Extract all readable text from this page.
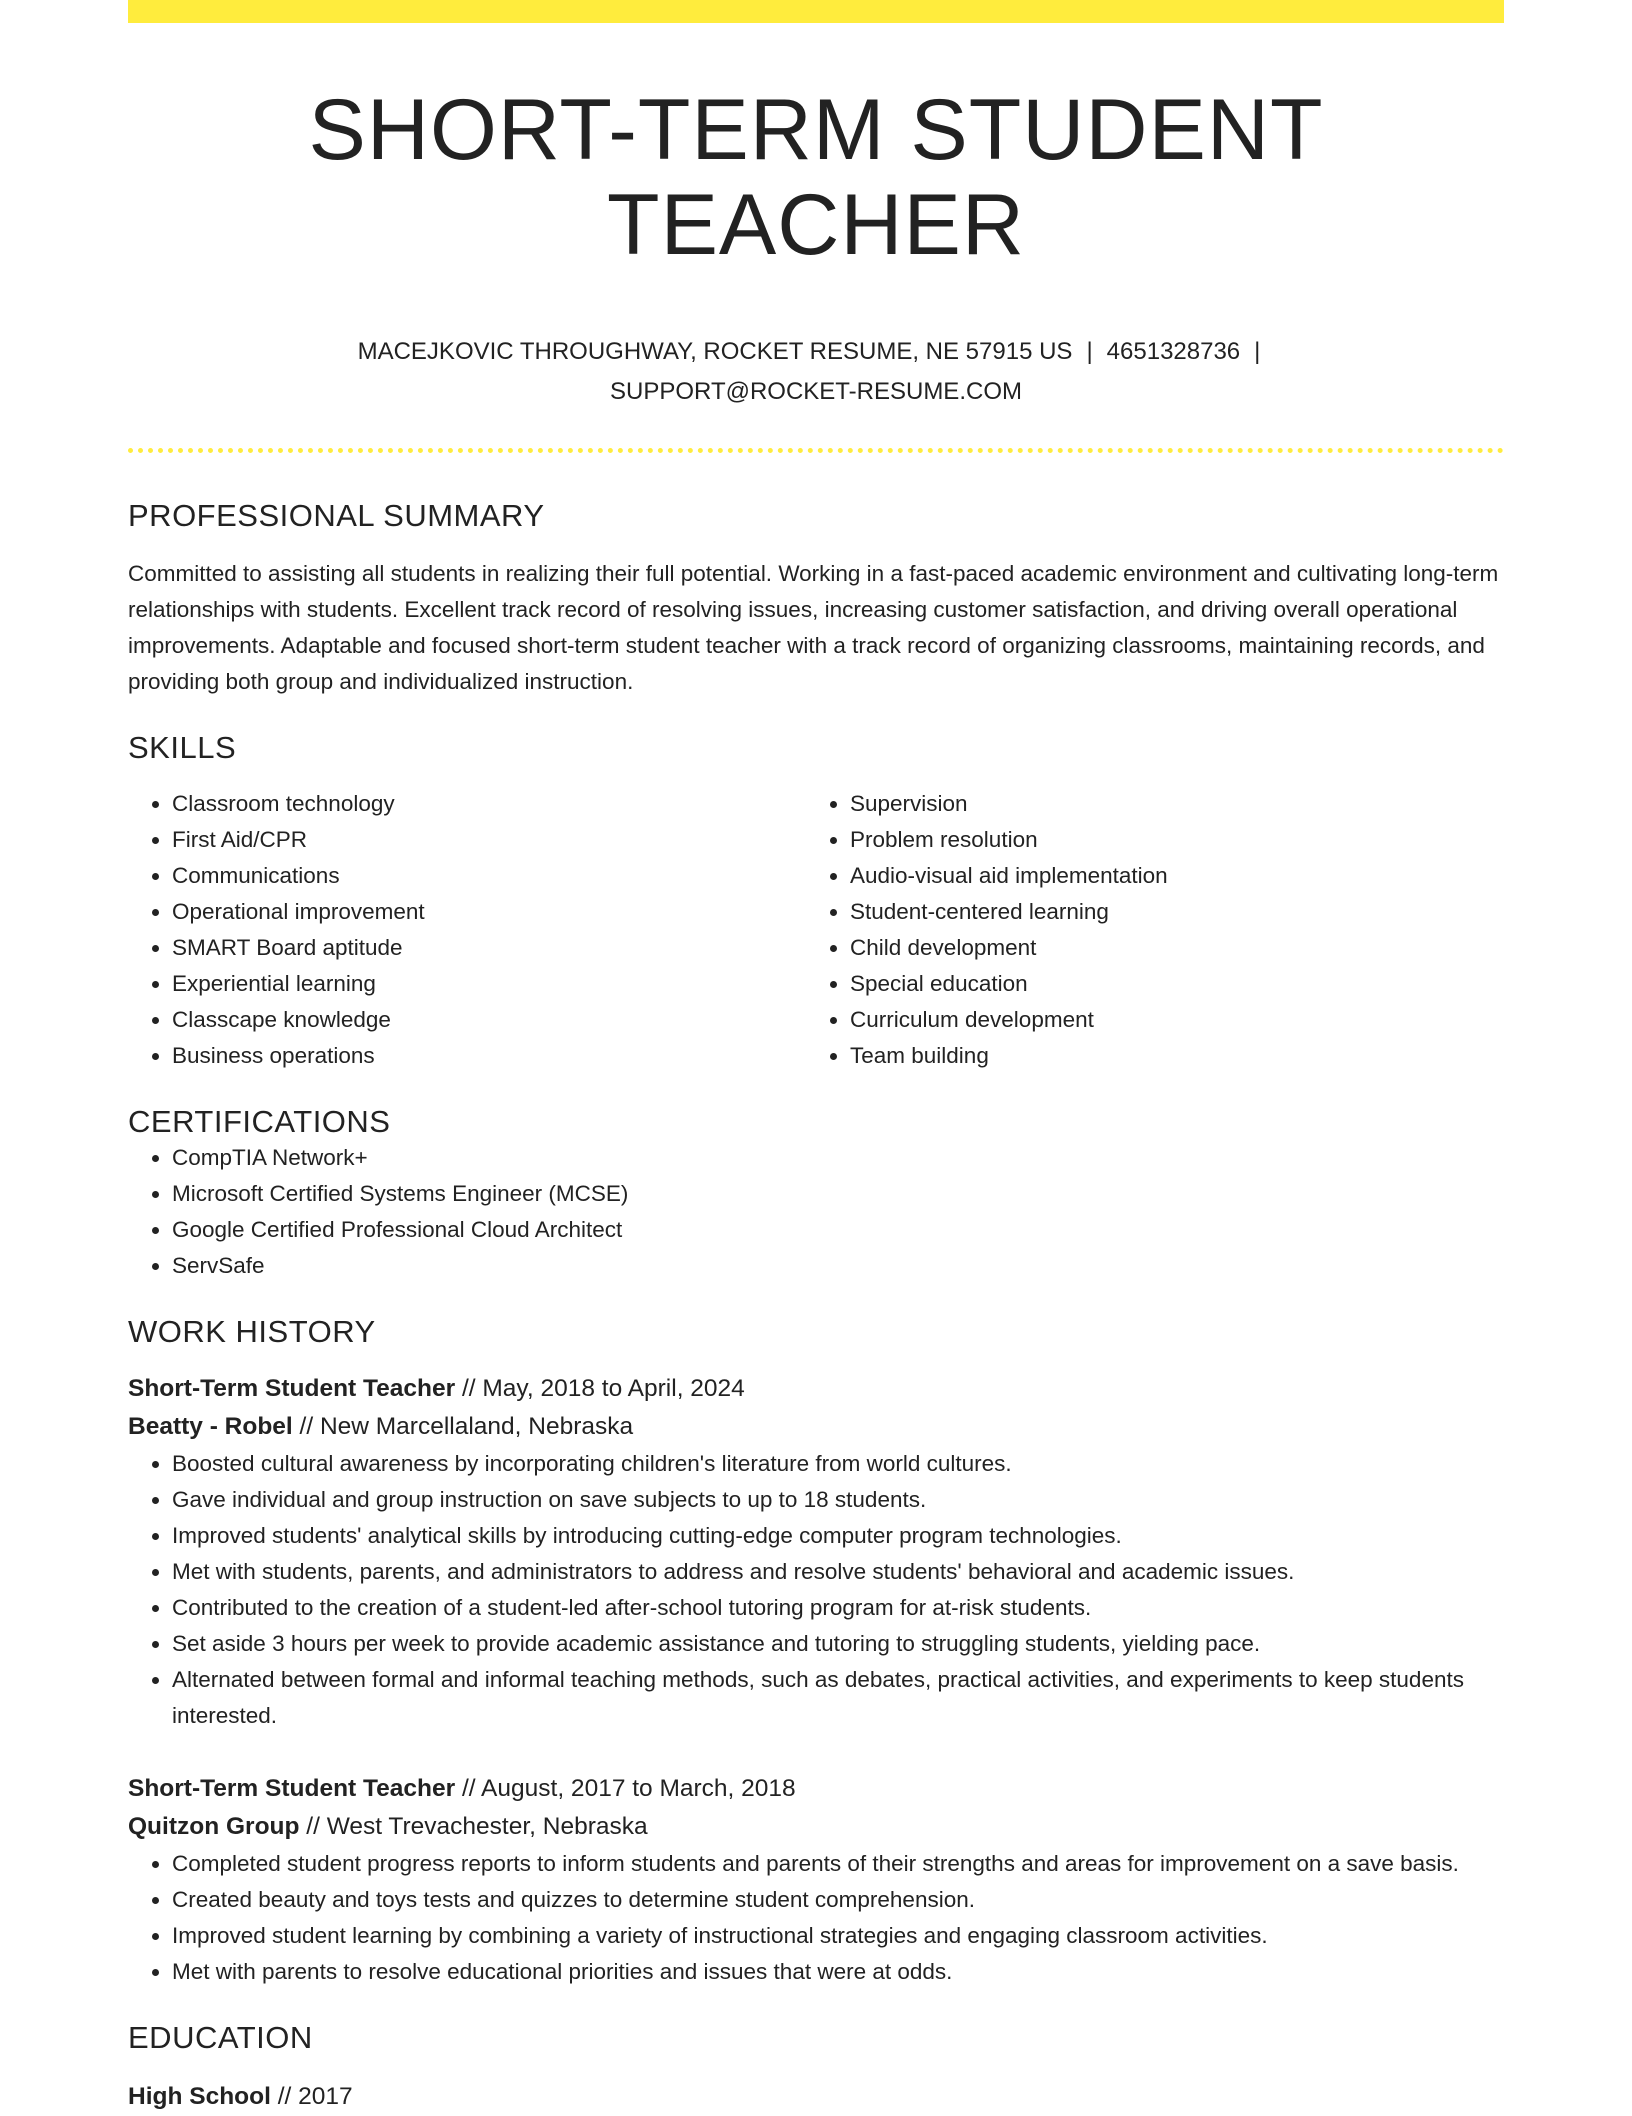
SHORT-TERM STUDENT TEACHER
MACEJKOVIC THROUGHWAY, ROCKET RESUME, NE 57915 US | 4651328736 |
SUPPORT@ROCKET-RESUME.COM
PROFESSIONAL SUMMARY
Committed to assisting all students in realizing their full potential. Working in a fast-paced academic environment and cultivating long-term relationships with students. Excellent track record of resolving issues, increasing customer satisfaction, and driving overall operational improvements. Adaptable and focused short-term student teacher with a track record of organizing classrooms, maintaining records, and providing both group and individualized instruction.
SKILLS
• Classroom technology
• First Aid/CPR
• Communications
• Operational improvement
• SMART Board aptitude
• Experiential learning
• Classcape knowledge
• Business operations
• Supervision
• Problem resolution
• Audio-visual aid implementation
• Student-centered learning
• Child development
• Special education
• Curriculum development
• Team building
CERTIFICATIONS
• CompTIA Network+
• Microsoft Certified Systems Engineer (MCSE)
• Google Certified Professional Cloud Architect
• ServSafe
WORK HISTORY
Short-Term Student Teacher // May, 2018 to April, 2024
Beatty - Robel // New Marcellaland, Nebraska
• Boosted cultural awareness by incorporating children's literature from world cultures.
• Gave individual and group instruction on save subjects to up to 18 students.
• Improved students' analytical skills by introducing cutting-edge computer program technologies.
• Met with students, parents, and administrators to address and resolve students' behavioral and academic issues.
• Contributed to the creation of a student-led after-school tutoring program for at-risk students.
• Set aside 3 hours per week to provide academic assistance and tutoring to struggling students, yielding pace.
• Alternated between formal and informal teaching methods, such as debates, practical activities, and experiments to keep students interested.
Short-Term Student Teacher // August, 2017 to March, 2018
Quitzon Group // West Trevachester, Nebraska
• Completed student progress reports to inform students and parents of their strengths and areas for improvement on a save basis.
• Created beauty and toys tests and quizzes to determine student comprehension.
• Improved student learning by combining a variety of instructional strategies and engaging classroom activities.
• Met with parents to resolve educational priorities and issues that were at odds.
EDUCATION
High School // 2017
